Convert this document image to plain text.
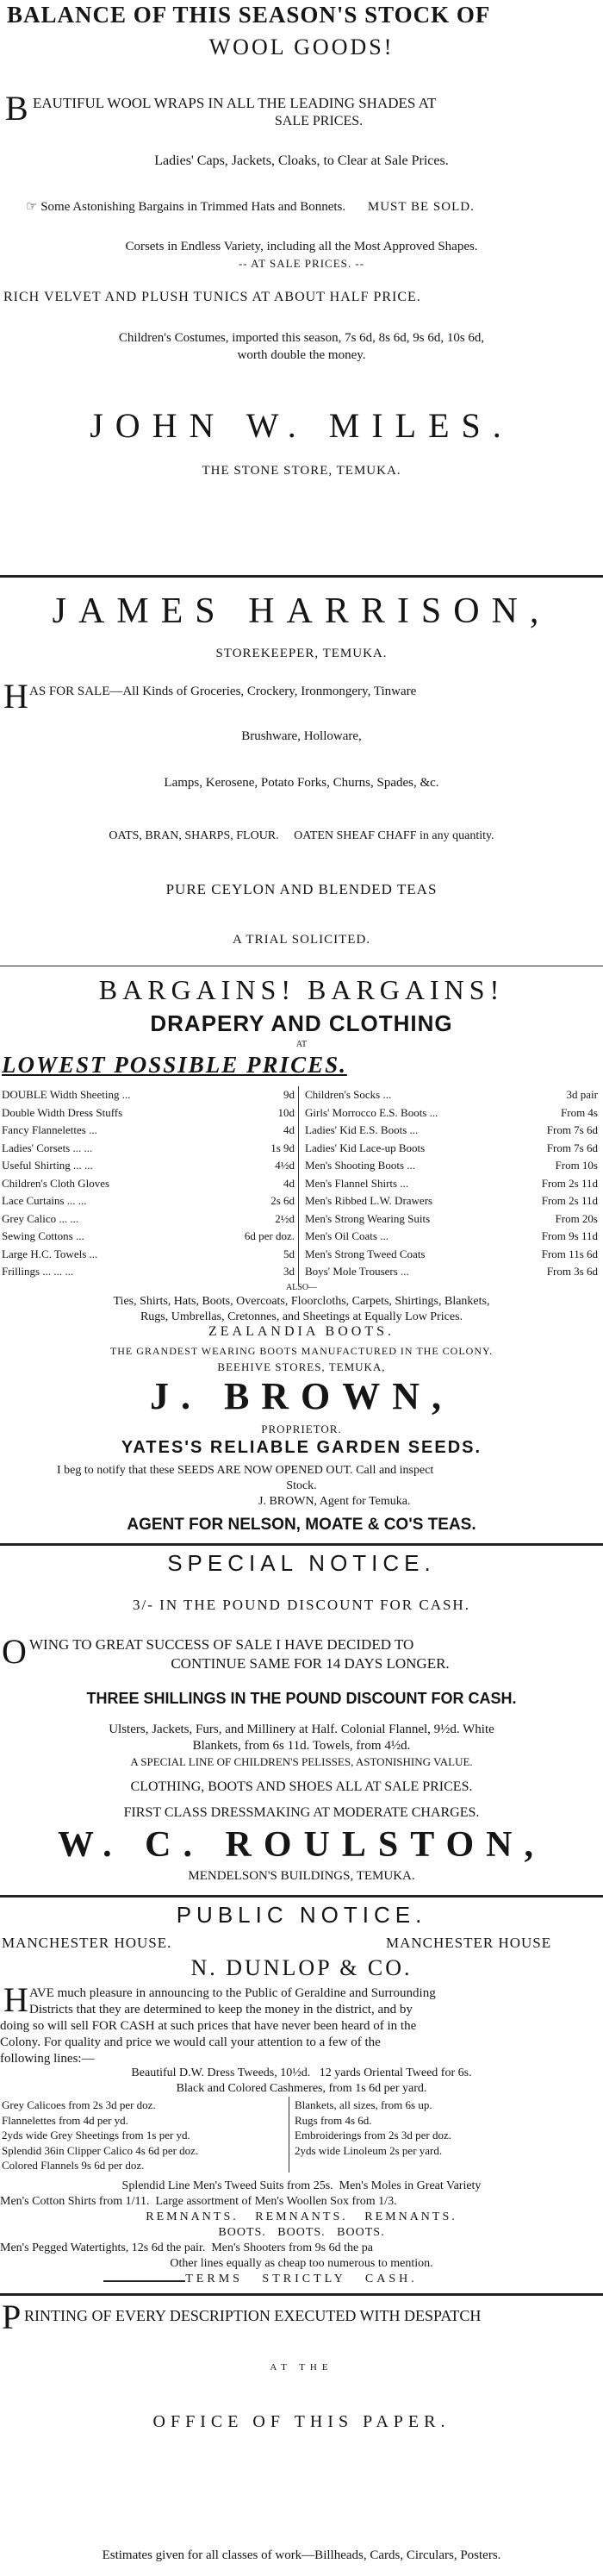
BALANCE OF THIS SEASON'S STOCK OF
WOOL GOODS!
B EAUTIFUL WOOL WRAPS IN ALL THE LEADING SHADES AT
SALE PRICES.
Ladies' Caps, Jackets, Cloaks, to Clear at Sale Prices.
☞ Some Astonishing Bargains in Trimmed Hats and Bonnets. MUST BE SOLD.
Corsets in Endless Variety, including all the Most Approved Shapes.
-- AT SALE PRICES. --
RICH VELVET AND PLUSH TUNICS AT ABOUT HALF PRICE.
Children's Costumes, imported this season, 7s 6d, 8s 6d, 9s 6d, 10s 6d,
worth double the money.
JOHN W. MILES.
THE STONE STORE, TEMUKA.
JAMES HARRISON,
STOREKEEPER, TEMUKA.
H AS FOR SALE—All Kinds of Groceries, Crockery, Ironmongery, Tinware
Brushware, Holloware,
Lamps, Kerosene, Potato Forks, Churns, Spades, &c.
OATS, BRAN, SHARPS, FLOUR.     OATEN SHEAF CHAFF in any quantity.
PURE CEYLON AND BLENDED TEAS
A TRIAL SOLICITED.
BARGAINS! BARGAINS!
DRAPERY AND CLOTHING
AT
LOWEST POSSIBLE PRICES.
DOUBLE Width Sheeting ...	9d
Double Width Dress Stuffs	10d
Fancy Flannelettes ...	4d
Ladies' Corsets ... ...	1s 9d
Useful Shirting ... ...	4½d
Children's Cloth Gloves	4d
Lace Curtains ... ...	2s 6d
Grey Calico ... ...	2½d
Sewing Cottons ...	6d per doz.
Large H.C. Towels ...	5d
Frillings ... ... ...	3d
Children's Socks ...	3d pair
Girls' Morrocco E.S. Boots ...	From 4s
Ladies' Kid E.S. Boots ...	From 7s 6d
Ladies' Kid Lace-up Boots	From 7s 6d
Men's Shooting Boots ...	From 10s
Men's Flannel Shirts ...	From 2s 11d
Men's Ribbed L.W. Drawers	From 2s 11d
Men's Strong Wearing Suits	From 20s
Men's Oil Coats ...	From 9s 11d
Men's Strong Tweed Coats	From 11s 6d
Boys' Mole Trousers ...	From 3s 6d
ALSO—
Ties, Shirts, Hats, Boots, Overcoats, Floorcloths, Carpets, Shirtings, Blankets,
Rugs, Umbrellas, Cretonnes, and Sheetings at Equally Low Prices.
ZEALANDIA BOOTS.
THE GRANDEST WEARING BOOTS MANUFACTURED IN THE COLONY.
BEEHIVE STORES, TEMUKA,
J. BROWN,
PROPRIETOR.
YATES'S RELIABLE GARDEN SEEDS.
I beg to notify that these SEEDS ARE NOW OPENED OUT. Call and inspect
Stock.
J. BROWN, Agent for Temuka.
AGENT FOR NELSON, MOATE & CO'S TEAS.
SPECIAL NOTICE.
3/- IN THE POUND DISCOUNT FOR CASH.
O WING TO GREAT SUCCESS OF SALE I HAVE DECIDED TO
CONTINUE SAME FOR 14 DAYS LONGER.
THREE SHILLINGS IN THE POUND DISCOUNT FOR CASH.
Ulsters, Jackets, Furs, and Millinery at Half. Colonial Flannel, 9½d. White
Blankets, from 6s 11d. Towels, from 4½d.
A SPECIAL LINE OF CHILDREN'S PELISSES, ASTONISHING VALUE.
CLOTHING, BOOTS AND SHOES ALL AT SALE PRICES.
FIRST CLASS DRESSMAKING AT MODERATE CHARGES.
W. C. ROULSTON,
MENDELSON'S BUILDINGS, TEMUKA.
PUBLIC NOTICE.
MANCHESTER HOUSE.	MANCHESTER HOUSE
N. DUNLOP & CO.
H AVE much pleasure in announcing to the Public of Geraldine and Surrounding
Districts that they are determined to keep the money in the district, and by
doing so will sell FOR CASH at such prices that have never been heard of in the
Colony. For quality and price we would call your attention to a few of the
following lines:—
Beautiful D.W. Dress Tweeds, 10½d.   12 yards Oriental Tweed for 6s.
Black and Colored Cashmeres, from 1s 6d per yard.
Grey Calicoes from 2s 3d per doz.
Flannelettes from 4d per yd.
2yds wide Grey Sheetings from 1s per yd.
Splendid 36in Clipper Calico 4s 6d per doz.
Colored Flannels 9s 6d per doz.
Blankets, all sizes, from 6s up.
Rugs from 4s 6d.
Embroiderings from 2s 3d per doz.
2yds wide Linoleum 2s per yard.
Splendid Line Men's Tweed Suits from 25s.  Men's Moles in Great Variety
Men's Cotton Shirts from 1/11.  Large assortment of Men's Woollen Sox from 1/3.
REMNANTS.   REMNANTS.   REMNANTS.
BOOTS.   BOOTS.   BOOTS.
Men's Pegged Watertights, 12s 6d the pair.  Men's Shooters from 9s 6d the pa
Other lines equally as cheap too numerous to mention.
TERMS   STRICTLY   CASH.
P RINTING OF EVERY DESCRIPTION EXECUTED WITH DESPATCH
AT THE
OFFICE OF THIS PAPER.
Estimates given for all classes of work—Billheads, Cards, Circulars, Posters.
